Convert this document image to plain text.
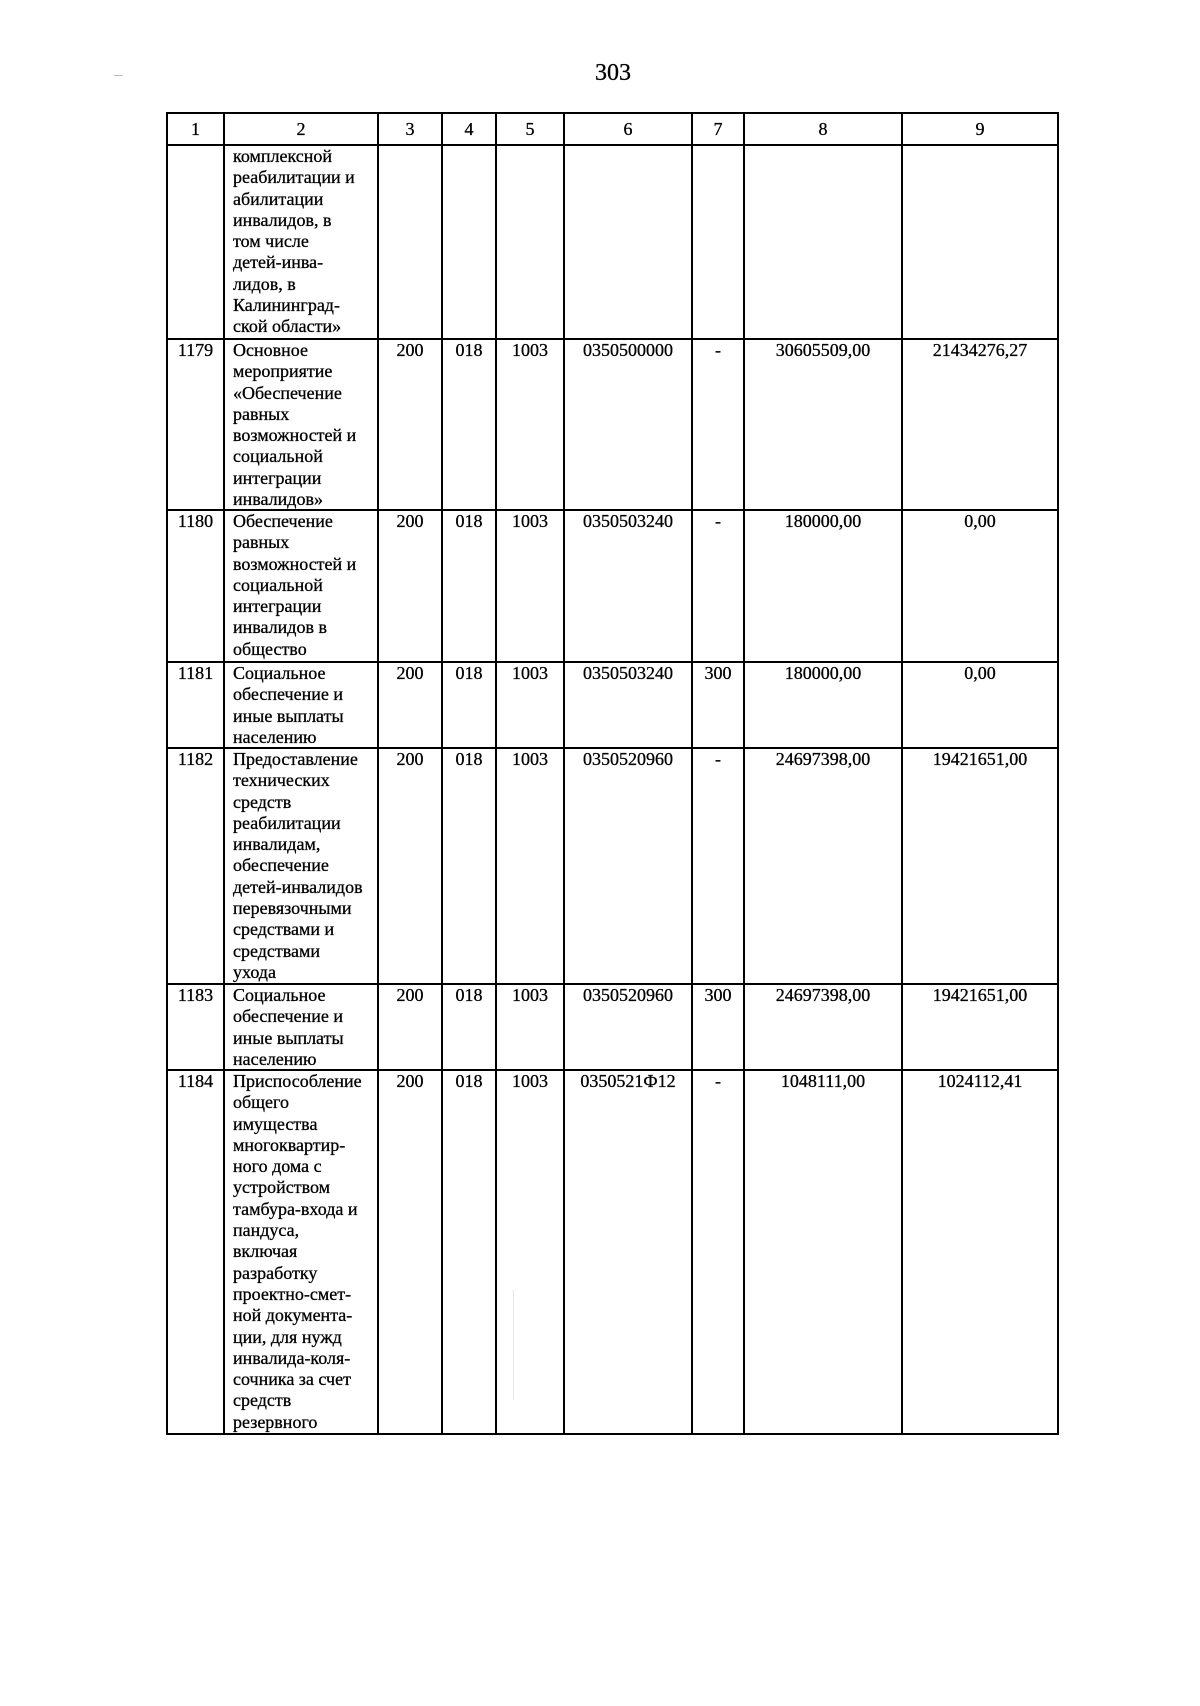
303
1	2	3	4	5	6	7	8	9
комплексной
реабилитации и
абилитации
инвалидов, в
том числе
детей-инва-
лидов, в
Калининград-
ской области»
1179	Основное
мероприятие
«Обеспечение
равных
возможностей и
социальной
интеграции
инвалидов»
200	018	1003	0350500000	-	30605509,00	21434276,27
1180	Обеспечение
равных
возможностей и
социальной
интеграции
инвалидов в
общество
200	018	1003	0350503240	-	180000,00	0,00
1181	Социальное
обеспечение и
иные выплаты
населению
200	018	1003	0350503240	300	180000,00	0,00
1182	Предоставление
технических
средств
реабилитации
инвалидам,
обеспечение
детей-инвалидов
перевязочными
средствами и
средствами
ухода
200	018	1003	0350520960	-	24697398,00	19421651,00
1183	Социальное
обеспечение и
иные выплаты
населению
200	018	1003	0350520960	300	24697398,00	19421651,00
1184	Приспособление
общего
имущества
многоквартир-
ного дома с
устройством
тамбура-входа и
пандуса,
включая
разработку
проектно-смет-
ной документа-
ции, для нужд
инвалида-коля-
сочника за счет
средств
резервного
200	018	1003	0350521Ф12	-	1048111,00	1024112,41
